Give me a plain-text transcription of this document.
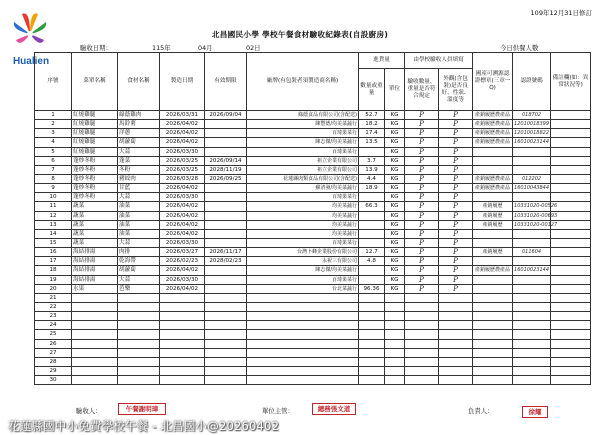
Hualien
109年12月31日修訂
北昌國民小學 學校午餐食材驗收紀錄表(自設廚房)
驗收日期：	115年	04月	02日	今日供餐人數
序號	菜單名稱	食材名稱	製造日期	有效期限	廠牌(有包裝者須製造商名稱)	進貨量		由學校驗收人員填寫		國產可溯源認證標章(三章一Q)	認證號碼	備註欄(如：異常狀況等)
						數量或重量	單位	驗收數量、重量是否符合規定	外觀(含包裝)是否良好、性狀、溫度等			
1	紅燒雞腿	綠蔭雞肉	2026/03/31	2026/09/04	綠蔭食品有限公司(含配送)	52.7	KG	P	P	產銷履歷農產品	018702	
2	紅燒雞腿	馬鈴薯	2026/04/02		陳豐德/均美菜蔬行	18.2	KG	P	P	產銷履歷農產品	12010018399	
3	紅燒雞腿	洋蔥	2026/04/02		百琦果菜行	17.4	KG	P	P	產銷履歷農產品	12010018822	
4	紅燒雞腿	胡蘿蔔	2026/04/02		陳志傑/均美菜蔬行	13.5	KG	P	P	產銷履歷農產品	16010023144	
5	紅燒雞腿	大蒜	2026/03/30		百琦果菜行		KG	P	P			
6	蓬炒冬粉	蓬菜	2026/03/25	2026/09/14	祖立企業有限公司	3.7	KG	P	P			
7	蓬炒冬粉	冬粉	2026/03/25	2028/11/19	祖立企業有限公司	13.9	KG	P	P			
8	蓬炒冬粉	豬絞肉	2026/03/28	2026/09/25	花蓮縣肉類食品有限公司(含配送)	4.4	KG	P	P	產銷履歷農產品	012202	
9	蓬炒冬粉	甘藍	2026/04/02		蘇清發/均美菜蔬行	18.9	KG	P	P	產銷履歷農產品	16010043844	
10	蓬炒冬粉	大蒜	2026/03/30		百琦果菜行		KG	P	P			
11	蔬菜	油菜	2026/04/02		均美菜蔬行	66.3	KG	P	P	產銷履歷	10331020-00526	
12	蔬菜	油菜	2026/04/02		均美菜蔬行		KG	P	P	產銷履歷	10331020-00693	
13	蔬菜	油菜	2026/04/02		均美菜蔬行		KG	P	P	產銷履歷	10331020-00127	
14	蔬菜	油菜	2026/04/02		均美菜蔬行		KG	P	P			
15	蔬菜	大蒜	2026/03/30		百琦果菜行		KG	P	P			
16	海結排湯	肉排	2026/03/27	2026/11/17	台灣卜蜂企業股份有限公司	12.7	KG	P	P	產銷履歷	011604	
17	海結排湯	乾海帶	2026/02/23	2028/02/23	永祝三有限公司	4.8	KG	P	P			
18	海結排湯	胡蘿蔔	2026/04/02		陳志傑/均美菜蔬行		KG	P	P	產銷履歷農產品	16010023144	
19	海結排湯	大蒜	2026/03/30		百琦果菜行		KG	P	P			
20	水果	芭樂	2026/04/02		台北菜蔬行	96.36	KG	P	P			
21												
22												
23												
24												
25												
26												
27												
28												
29												
30												
驗收人：	午餐謝明璋	單位主管：	總務張文道	負責人：	徐耀
花蓮縣國中小免費學校午餐 - 北昌國小@20260402
